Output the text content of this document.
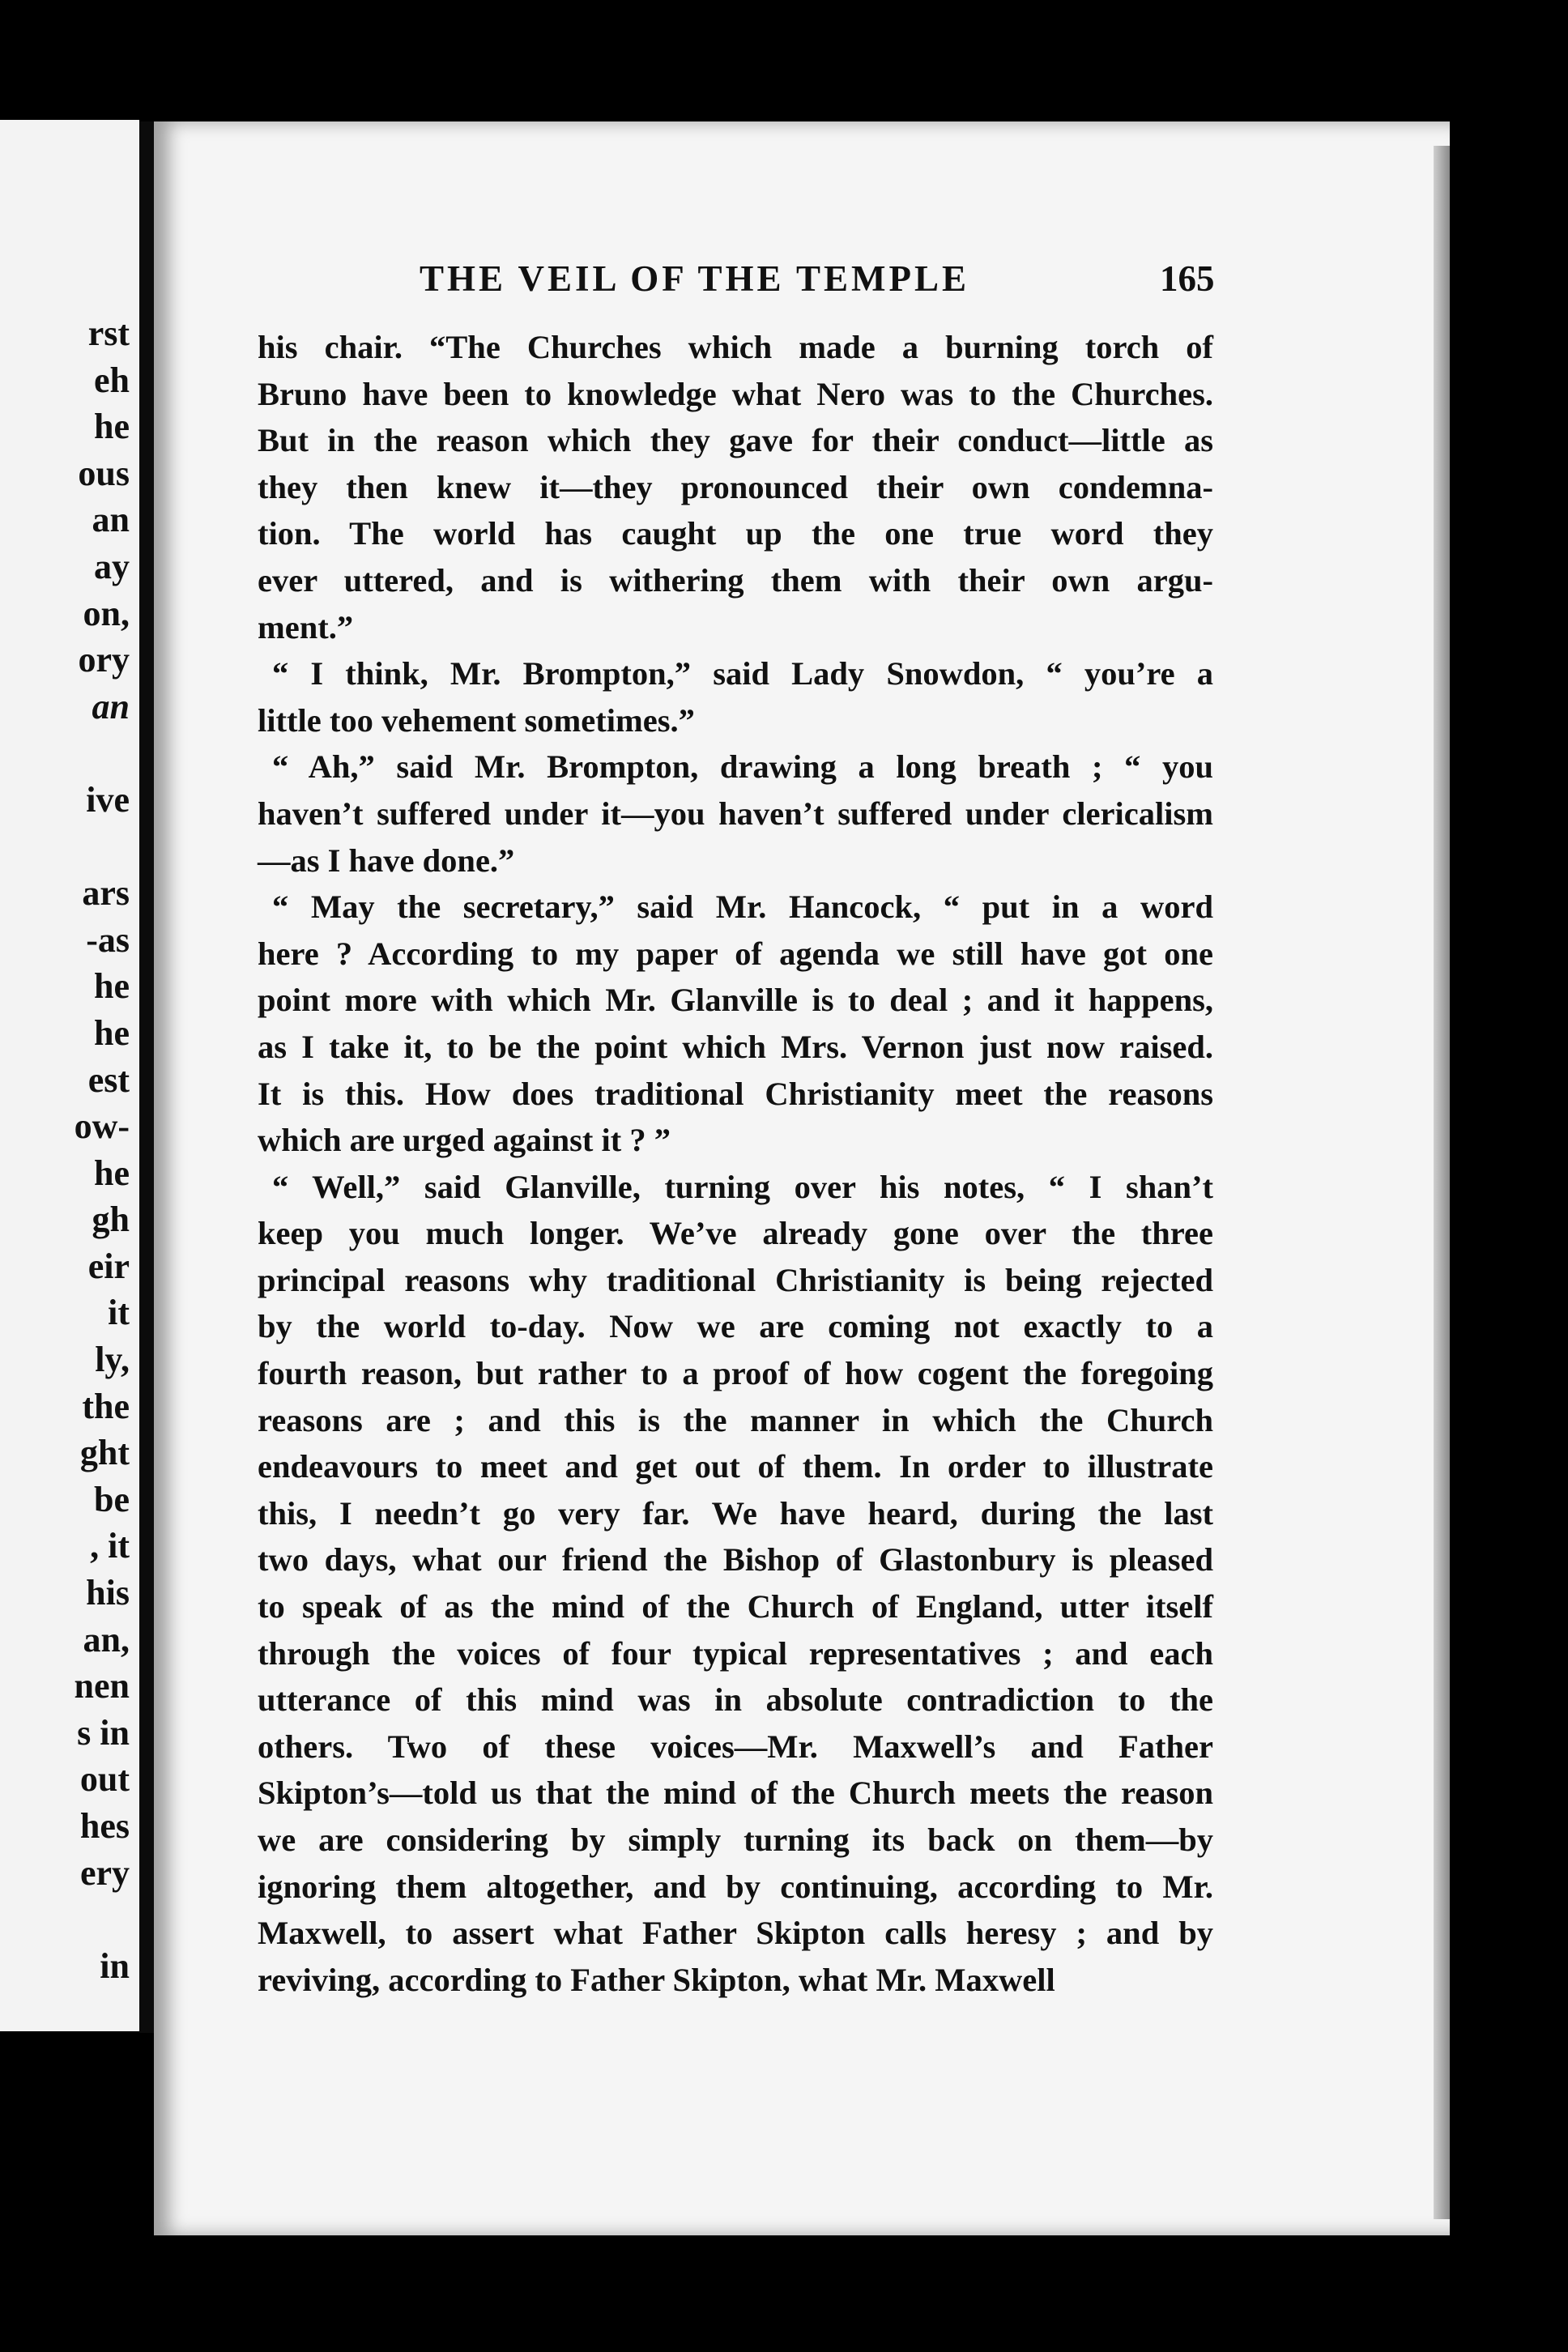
rst
eh
he
ous
an
ay
on,
ory
an
ive
ars
-as
he
he
est
ow-
he
gh
eir
it
ly,
the
ght
be
, it
his
an,
nen
s in
out
hes
ery
in
THE VEIL OF THE TEMPLE	165
his chair. “The Churches which made a burning torch of
Bruno have been to knowledge what Nero was to the Churches.
But in the reason which they gave for their conduct—little as
they then knew it—they pronounced their own condemna-
tion. The world has caught up the one true word they
ever uttered, and is withering them with their own argu-
ment.”
“ I think, Mr. Brompton,” said Lady Snowdon, “ you’re a
little too vehement sometimes.”
“ Ah,” said Mr. Brompton, drawing a long breath ; “ you
haven’t suffered under it—you haven’t suffered under clericalism
—as I have done.”
“ May the secretary,” said Mr. Hancock, “ put in a word
here ? According to my paper of agenda we still have got one
point more with which Mr. Glanville is to deal ; and it happens,
as I take it, to be the point which Mrs. Vernon just now raised.
It is this. How does traditional Christianity meet the reasons
which are urged against it ? ”
“ Well,” said Glanville, turning over his notes, “ I shan’t
keep you much longer. We’ve already gone over the three
principal reasons why traditional Christianity is being rejected
by the world to-day. Now we are coming not exactly to a
fourth reason, but rather to a proof of how cogent the foregoing
reasons are ; and this is the manner in which the Church
endeavours to meet and get out of them. In order to illustrate
this, I needn’t go very far. We have heard, during the last
two days, what our friend the Bishop of Glastonbury is pleased
to speak of as the mind of the Church of England, utter itself
through the voices of four typical representatives ; and each
utterance of this mind was in absolute contradiction to the
others. Two of these voices—Mr. Maxwell’s and Father
Skipton’s—told us that the mind of the Church meets the reason
we are considering by simply turning its back on them—by
ignoring them altogether, and by continuing, according to Mr.
Maxwell, to assert what Father Skipton calls heresy ; and by
reviving, according to Father Skipton, what Mr. Maxwell
